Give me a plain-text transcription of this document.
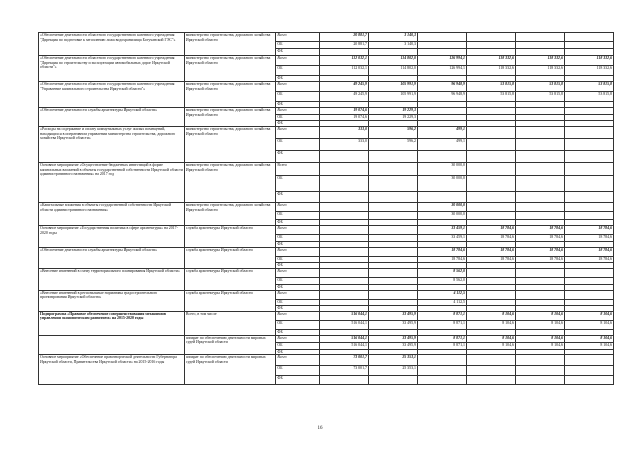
«Обеспечение деятельности областного государственного казенного учреждения "Дирекция по подготовке к затоплению ложа водохранилища Богучанской ГЭС"»	министерство строительства, дорожного хозяйства Иркутской области	Всего	20 881,7	3 140,3				
		ОБ	20 881,7	3 140,3				
		ФБ						
«Обеспечение деятельности областного государственного казенного учреждения "Дирекция по строительству и эксплуатации автомобильных дорог Иркутской области"»	министерство строительства, дорожного хозяйства Иркутской области	Всего	112 032,1	114 802,0	126 994,1	118 332,6	118 332,6	118 332,6
		ОБ	112 032,1	114 802,0	126 994,1	118 332,6	118 332,6	118 332,6
		ФБ						
«Обеспечение деятельности областного государственного казенного учреждения "Управление капитального строительства Иркутской области"»	министерство строительства, дорожного хозяйства Иркутской области	Всего	49 245,9	105 991,9	96 948,9	53 815,8	53 815,8	53 815,8
		ОБ	49 245,9	105 991,9	96 948,9	53 815,8	53 815,8	53 815,8
		ФБ						
«Обеспечение деятельности службы архитектуры Иркутской области»	министерство строительства, дорожного хозяйства Иркутской области	Всего	19 074,6	19 229,3				
		ОБ	19 074,6	19 229,3				
		ФБ						
«Расходы на содержание и оплату коммунальных услуг жилых помещений, находящихся в оперативном управлении министерства строительства, дорожного хозяйства Иркутской области»	министерство строительства, дорожного хозяйства Иркутской области	Всего	333,0	596,2	499,1			
		ОБ	333,0	596,2	499,1			
		ФБ						
Основное мероприятие «Осуществление бюджетных инвестиций в форме капитальных вложений в объекты государственной собственности Иркутской области административного назначения» на 2017 год	министерство строительства, дорожного хозяйства Иркутской области	Всего			30 000,0			
		ОБ			30 000,0			
		ФБ						
«Капитальные вложения в объекты государственной собственности Иркутской области административного назначения»	министерство строительства, дорожного хозяйства Иркутской области	Всего			30 000,0			
		ОБ			30 000,0			
		ФБ						
Основное мероприятие «Государственная политика в сфере архитектуры» на 2017-2020 годы	служба архитектуры Иркутской области	Всего			33 459,1	18 784,6	18 784,6	18 784,6
		ОБ			33 459,1	18 784,6	18 784,6	18 784,6
		ФБ						
«Обеспечение деятельности службы архитектуры Иркутской области»	служба архитектуры Иркутской области	Всего			18 784,6	18 784,6	18 784,6	18 784,6
		ОБ			18 784,6	18 784,6	18 784,6	18 784,6
		ФБ						
«Внесение изменений в схему территориального планирования Иркутской области»	служба архитектуры Иркутской области	Всего			8 562,0			
		ОБ			8 562,0			
		ФБ						
«Внесение изменений в региональные нормативы градостроительного проектирования Иркутской области»	служба архитектуры Иркутской области	Всего			4 112,5			
		ОБ			4 112,5			
		ФБ						
Подпрограмма «Правовое обеспечение совершенствования механизмов управления экономическим развитием» на 2015-2020 годы	Всего, в том числе	Всего	516 044,1	33 495,9	8 871,1	8 104,6	8 104,6	8 104,6
		ОБ	516 044,1	33 495,9	8 871,1	8 104,6	8 104,6	8 104,6
		ФБ						
	аппарат по обеспечению деятельности мировых судей Иркутской области	Всего	516 044,1	33 495,9	8 871,1	8 104,6	8 104,6	8 104,6
		ОБ	516 044,1	33 495,9	8 871,1	8 104,6	8 104,6	8 104,6
		ФБ						
Основное мероприятие «Обеспечение правотворческой деятельности Губернатора Иркутской области, Правительства Иркутской области» на 2015-2016 годы	аппарат по обеспечению деятельности мировых судей Иркутской области	Всего	73 001,7	25 353,1				
		ОБ	73 001,7	25 353,1				
		ФБ						
16
